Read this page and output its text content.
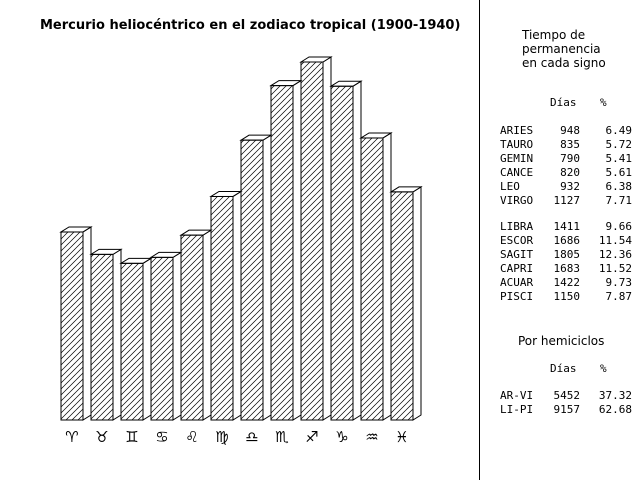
Mercurio heliocéntrico en el zodiaco tropical (1900-1940)
♈︎	♉︎	♊︎	♋︎	♌︎	♍︎	♎︎	♏︎	♐︎	♑︎	♒︎	♓︎
Tiempo de
permanencia
en cada signo
Días %
ARIES 948 6.49
TAURO 835 5.72
GEMIN 790 5.41
CANCE 820 5.61
LEO	932 6.38
VIRGO 1127 7.71
LIBRA 1411 9.66
ESCOR 1686 11.54
SAGIT 1805 12.36
CAPRI 1683 11.52
ACUAR 1422 9.73
PISCI 1150 7.87
Por hemiciclos
Días %
AR-VI 5452 37.32
LI-PI 9157 62.68
